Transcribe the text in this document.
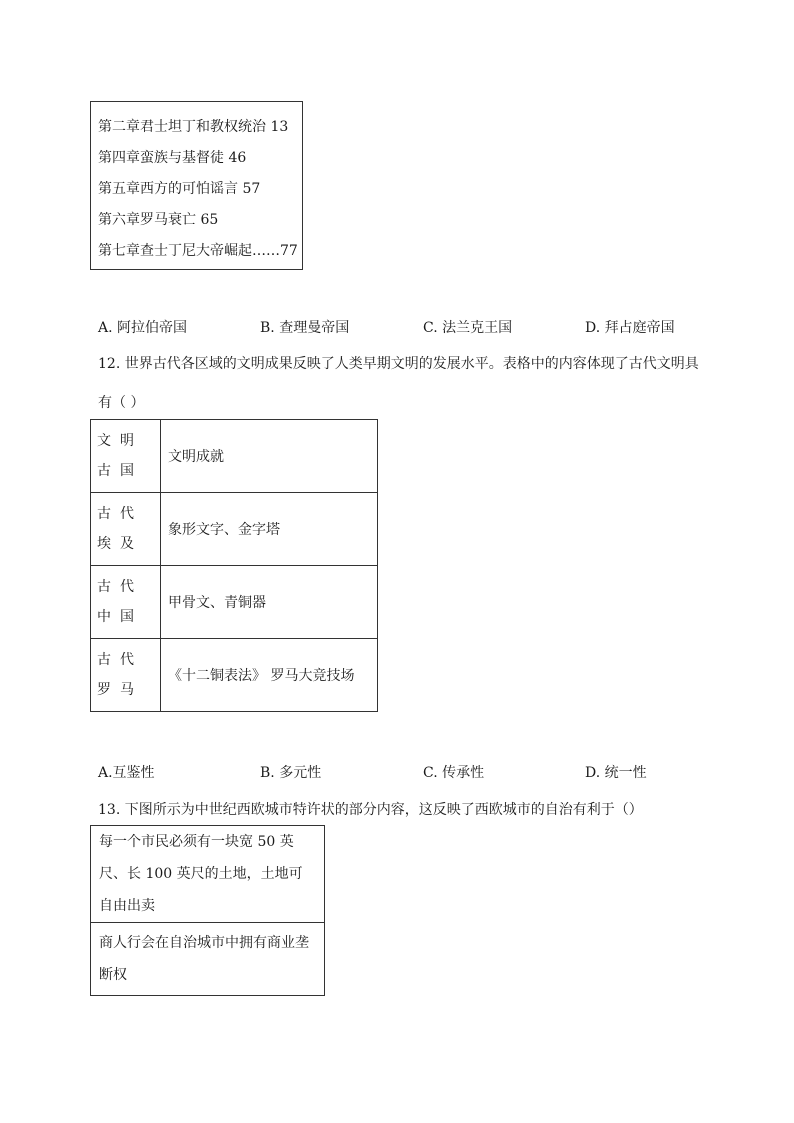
第二章君士坦丁和教权统治 13
第四章蛮族与基督徒 46
第五章西方的可怕谣言 57
第六章罗马衰亡 65
第七章查士丁尼大帝崛起……77
A. 阿拉伯帝国	B. 查理曼帝国	C. 法兰克王国	D. 拜占庭帝国
12. 世界古代各区域的文明成果反映了人类早期文明的发展水平。表格中的内容体现了古代文明具
有（ ）
文明古国	文明成就
古代埃及	象形文字、金字塔
古代中国	甲骨文、青铜器
古代罗马	《十二铜表法》 罗马大竞技场
A.互鉴性	B. 多元性	C. 传承性	D. 统一性
13. 下图所示为中世纪西欧城市特许状的部分内容，这反映了西欧城市的自治有利于（）
每一个市民必须有一块宽 50 英尺、长 100 英尺的土地，土地可自由出卖
商人行会在自治城市中拥有商业垄断权
